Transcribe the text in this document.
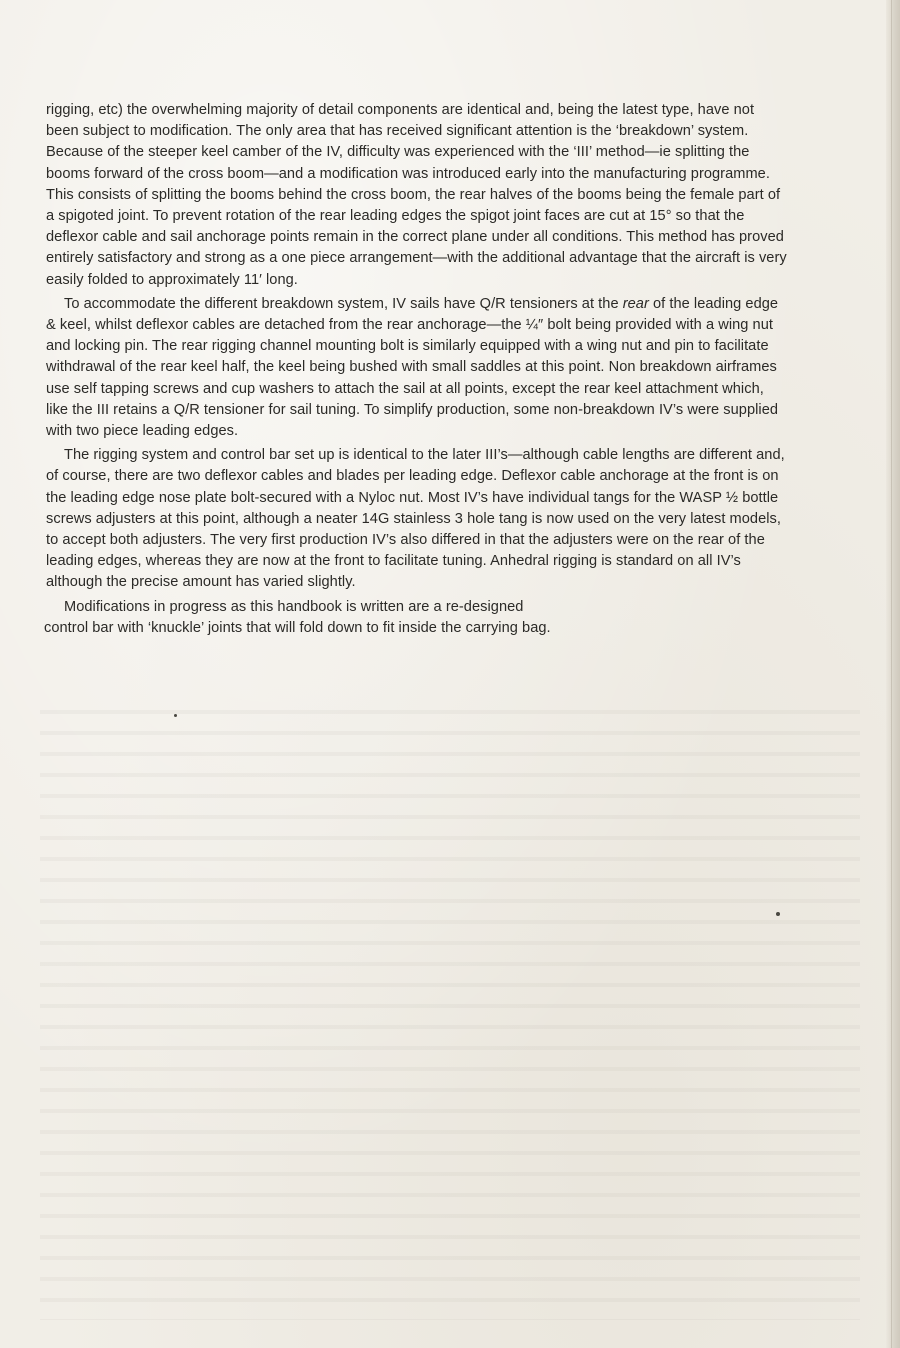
rigging, etc) the overwhelming majority of detail components are identical and, being the latest type, have not been subject to modification. The only area that has received significant attention is the ‘breakdown’ system. Because of the steeper keel camber of the IV, difficulty was experienced with the ‘III’ method—ie splitting the booms forward of the cross boom—and a modification was introduced early into the manufacturing programme. This consists of splitting the booms behind the cross boom, the rear halves of the booms being the female part of a spigoted joint. To prevent rotation of the rear leading edges the spigot joint faces are cut at 15° so that the deflexor cable and sail anchorage points remain in the correct plane under all conditions. This method has proved entirely satisfactory and strong as a one piece arrangement—with the additional advantage that the aircraft is very easily folded to approximately 11′ long.

To accommodate the different breakdown system, IV sails have Q/R tensioners at the rear of the leading edge & keel, whilst deflexor cables are detached from the rear anchorage—the ¼″ bolt being provided with a wing nut and locking pin. The rear rigging channel mounting bolt is similarly equipped with a wing nut and pin to facilitate withdrawal of the rear keel half, the keel being bushed with small saddles at this point. Non breakdown airframes use self tapping screws and cup washers to attach the sail at all points, except the rear keel attachment which, like the III retains a Q/R tensioner for sail tuning. To simplify production, some non-breakdown IV’s were supplied with two piece leading edges.

The rigging system and control bar set up is identical to the later III’s—although cable lengths are different and, of course, there are two deflexor cables and blades per leading edge. Deflexor cable anchorage at the front is on the leading edge nose plate bolt-secured with a Nyloc nut. Most IV’s have individual tangs for the WASP ½ bottle screws adjusters at this point, although a neater 14G stainless 3 hole tang is now used on the very latest models, to accept both adjusters. The very first production IV’s also differed in that the adjusters were on the rear of the leading edges, whereas they are now at the front to facilitate tuning. Anhedral rigging is standard on all IV’s although the precise amount has varied slightly.

Modifications in progress as this handbook is written are a re-designed

control bar with ‘knuckle’ joints that will fold down to fit inside the carrying bag.
